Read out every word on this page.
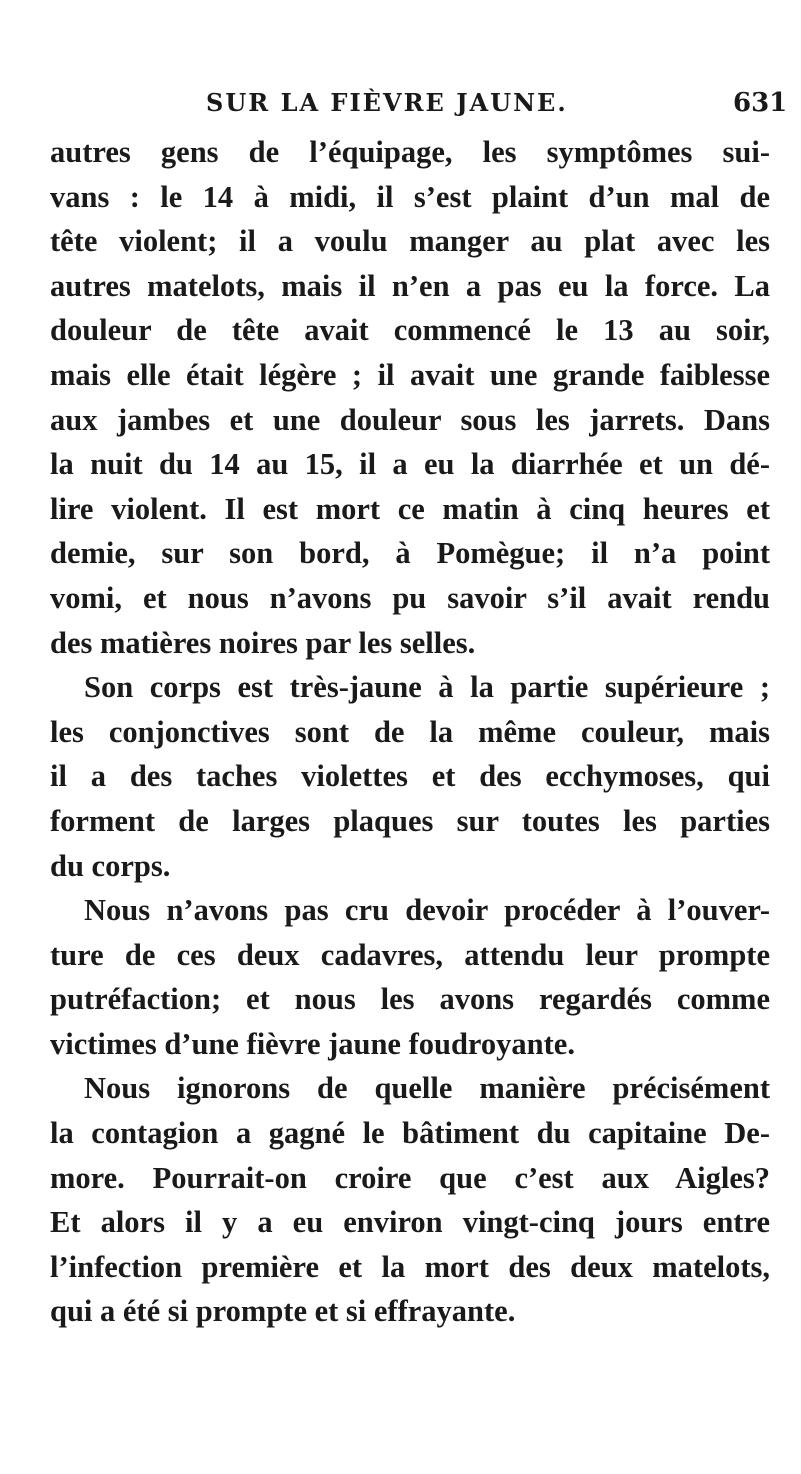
SUR LA FIÈVRE JAUNE.	631
autres gens de l’équipage, les symptômes sui-
vans : le 14 à midi, il s’est plaint d’un mal de
tête violent; il a voulu manger au plat avec les
autres matelots, mais il n’en a pas eu la force. La
douleur de tête avait commencé le 13 au soir,
mais elle était légère ; il avait une grande faiblesse
aux jambes et une douleur sous les jarrets. Dans
la nuit du 14 au 15, il a eu la diarrhée et un dé-
lire violent. Il est mort ce matin à cinq heures et
demie, sur son bord, à Pomègue; il n’a point
vomi, et nous n’avons pu savoir s’il avait rendu
des matières noires par les selles.
Son corps est très-jaune à la partie supérieure ;
les conjonctives sont de la même couleur, mais
il a des taches violettes et des ecchymoses, qui
forment de larges plaques sur toutes les parties
du corps.
Nous n’avons pas cru devoir procéder à l’ouver-
ture de ces deux cadavres, attendu leur prompte
putréfaction; et nous les avons regardés comme
victimes d’une fièvre jaune foudroyante.
Nous ignorons de quelle manière précisément
la contagion a gagné le bâtiment du capitaine De-
more. Pourrait-on croire que c’est aux Aigles?
Et alors il y a eu environ vingt-cinq jours entre
l’infection première et la mort des deux matelots,
qui a été si prompte et si effrayante.
